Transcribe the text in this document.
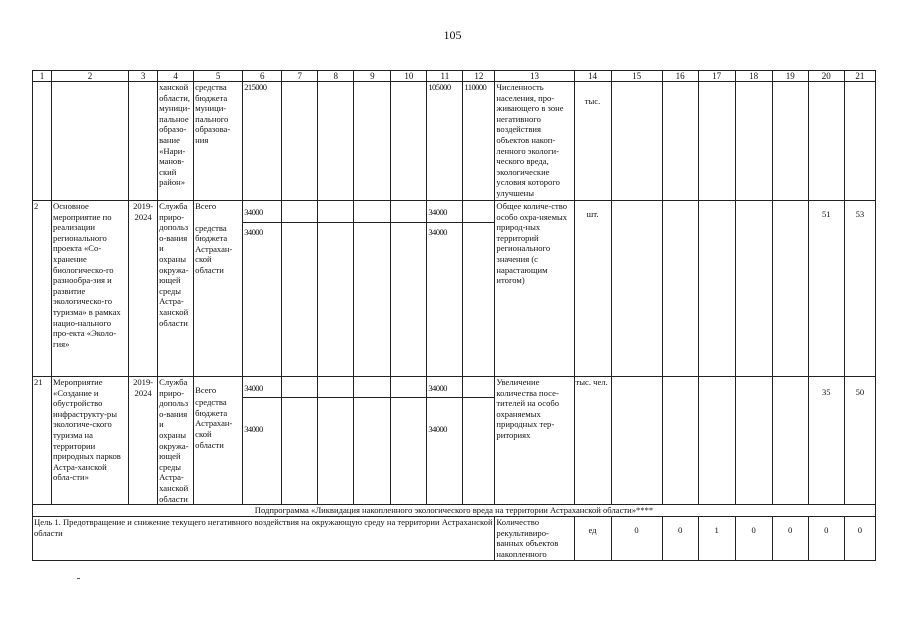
105
1	2	3	4	5	6	7	8	9	10	11	12	13	14	15	16	17	18	19	20	21
			ханской области, муници-пальное образо-вание «Нари-манов-ский район»	средства бюджета муници-пального образова-ния	215000					105000	110000	Численность населения, про-живающего в зоне негативного воздействия объектов накоп-ленного экологи-ческого вреда, экологические условия которого улучшены	тыс.							
2	Основное мероприятие по реализации регионального проекта «Со-хранение биологическо-го разнообра-зия и развитие экологическо-го туризма» в рамках нацио-нального про-екта «Эколо-гия»	2019-2024	Служба приро-допользо-вания и охраны окружа-ющей среды Астра-ханской области	Всего	34000					34000		Общее количе-ство особо охра-няемых природ-ных территорий регионального значения (с нарастающим итогом)	шт.						51	53
				средства бюджета Астрахан-ской области	34000					34000										
21	Мероприятие «Создание и обустройство инфраструкту-ры экологиче-ского туризма на территории природных парков Астра-ханской обла-сти»	2019-2024	Служба приро-допользо-вания и охраны окружа-ющей среды Астра-ханской области	Всего	34000					34000		Увеличение количества посе-тителей на особо охраняемых природных тер-риториях	тыс. чел.						35	50
				средства бюджета Астрахан-ской области	34000					34000										
Подпрограмма «Ликвидация накопленного экологического вреда на территории Астраханской области»****																				
Цель 1. Предотвращение и снижение текущего негативного воздействия на окружающую среду на территории Астраханской области												Количество рекультивиро-ванных объектов накопленного	ед	0	0	1	0	0	0	0
